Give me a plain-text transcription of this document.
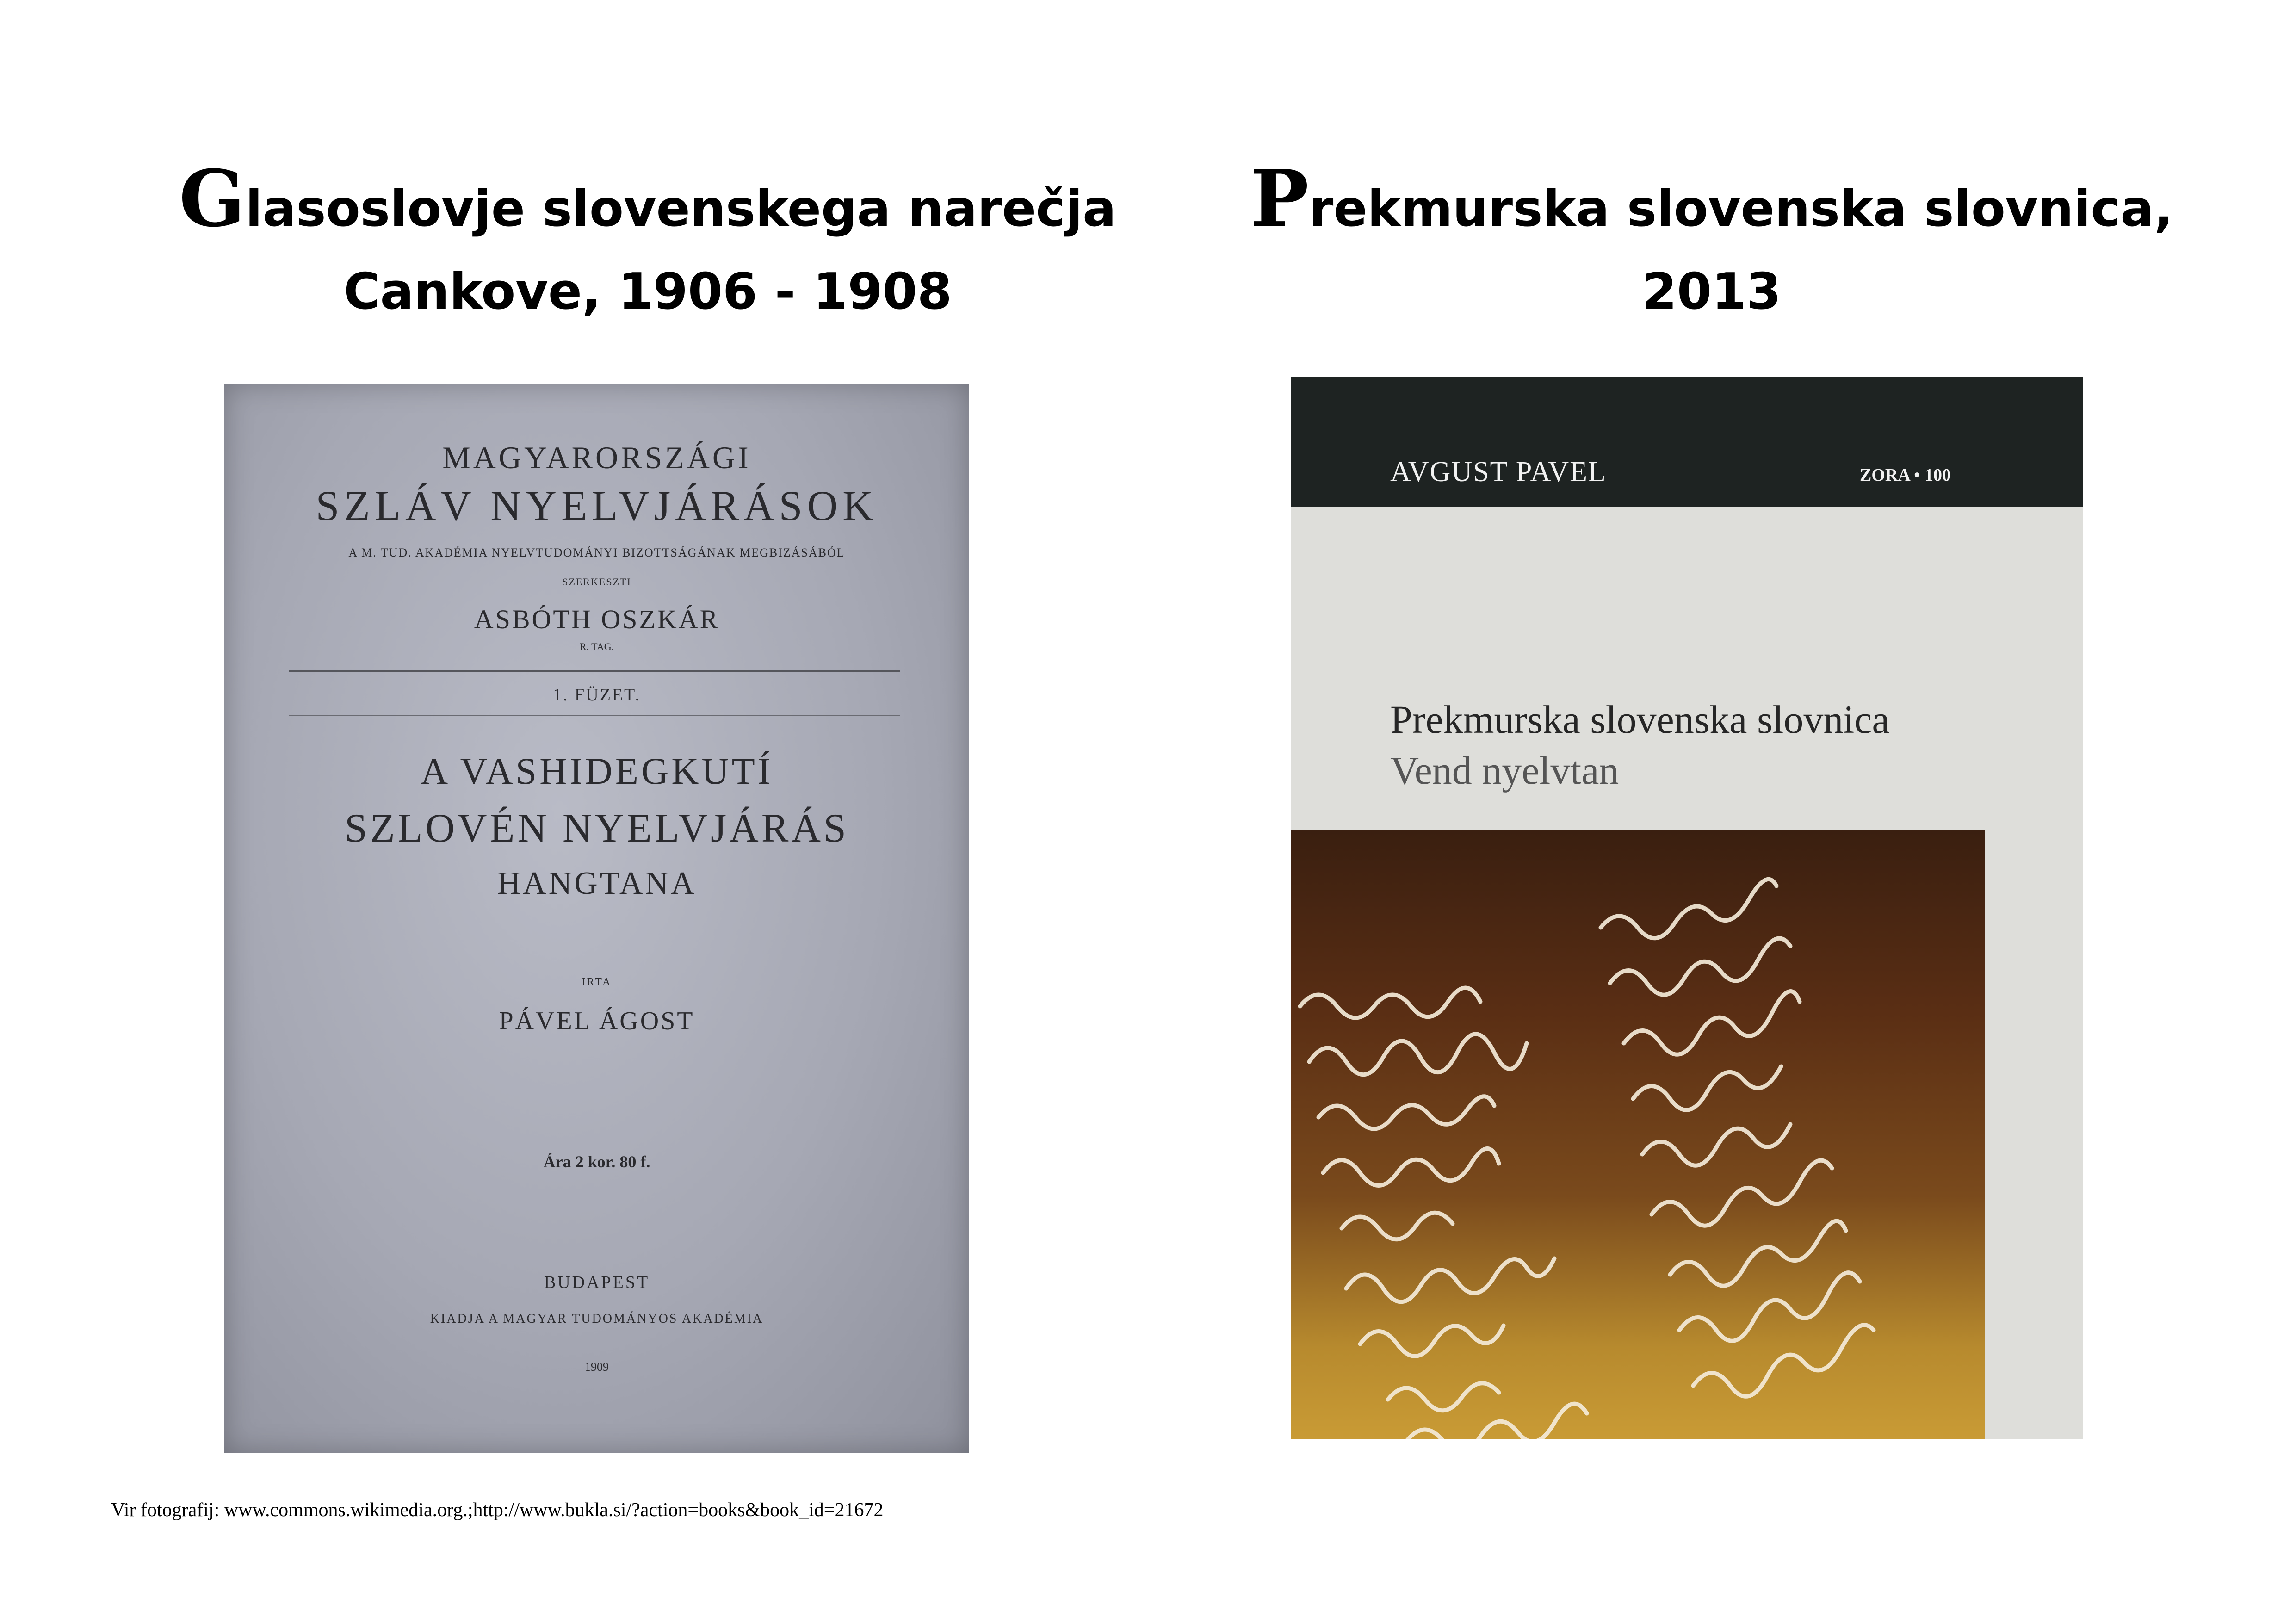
Glasoslovje slovenskega narečja
Cankove, 1906 - 1908
Prekmurska slovenska slovnica,
2013
MAGYARORSZÁGI
SZLÁV NYELVJÁRÁSOK
A M. TUD. AKADÉMIA NYELVTUDOMÁNYI BIZOTTSÁGÁNAK MEGBIZÁSÁBÓL
SZERKESZTI
ASBÓTH OSZKÁR
R. TAG.
1. FÜZET.
A VASHIDEGKUTÍ
SZLOVÉN NYELVJÁRÁS
HANGTANA
IRTA
PÁVEL ÁGOST
Ára 2 kor. 80 f.
BUDAPEST
KIADJA A MAGYAR TUDOMÁNYOS AKADÉMIA
1909
AVGUST PAVEL	ZORA • 100
Prekmurska slovenska slovnica
Vend nyelvtan
Vir fotografij: www.commons.wikimedia.org.;http://www.bukla.si/?action=books&book_id=21672
